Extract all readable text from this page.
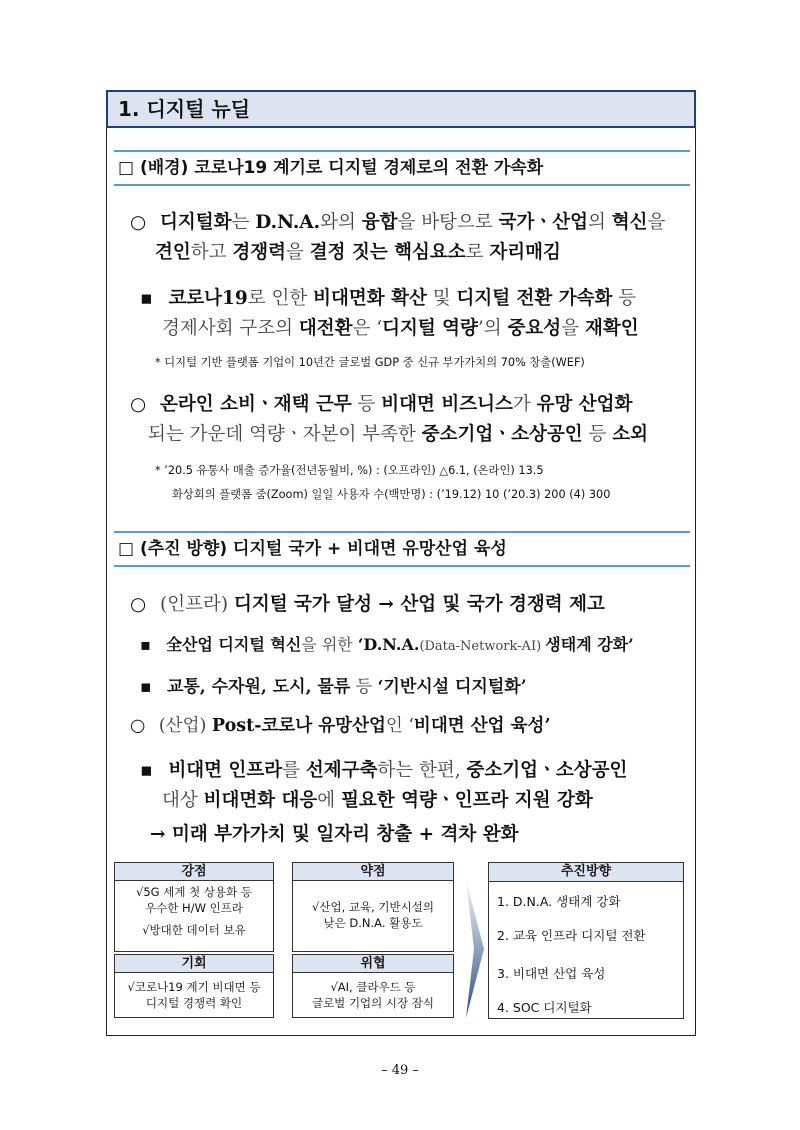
1. 디지털 뉴딜
□ (배경) 코로나19 계기로 디지털 경제로의 전환 가속화
○ 디지털화는 D.N.A.와의 융합을 바탕으로 국가ㆍ산업의 혁신을
견인하고 경쟁력을 결정 짓는 핵심요소로 자리매김
▪ 코로나19로 인한 비대면화 확산 및 디지털 전환 가속화 등
경제사회 구조의 대전환은 ‘디지털 역량’의 중요성을 재확인
* 디지털 기반 플랫폼 기업이 10년간 글로벌 GDP 중 신규 부가가치의 70% 창출(WEF)
○ 온라인 소비ㆍ재택 근무 등 비대면 비즈니스가 유망 산업화
되는 가운데 역량ㆍ자본이 부족한 중소기업ㆍ소상공인 등 소외
* ’20.5 유통사 매출 증가율(전년동월비, %) : (오프라인) △6.1, (온라인) 13.5
화상회의 플랫폼 줌(Zoom) 일일 사용자 수(백만명) : (’19.12) 10 (’20.3) 200 (4) 300
□ (추진 방향) 디지털 국가 + 비대면 유망산업 육성
○ (인프라) 디지털 국가 달성 → 산업 및 국가 경쟁력 제고
▪ 全산업 디지털 혁신을 위한 ‘D.N.A.(Data-Network-AI) 생태계 강화’
▪ 교통, 수자원, 도시, 물류 등 ‘기반시설 디지털화’
○ (산업) Post-코로나 유망산업인 ‘비대면 산업 육성’
▪ 비대면 인프라를 선제구축하는 한편, 중소기업ㆍ소상공인
대상 비대면화 대응에 필요한 역량ㆍ인프라 지원 강화
→ 미래 부가가치 및 일자리 창출 + 격차 완화
강점
√5G 세계 첫 상용화 등
우수한 H/W 인프라
√방대한 데이터 보유
기회
√코로나19 계기 비대면 등
디지털 경쟁력 확인
약점
√산업, 교육, 기반시설의
낮은 D.N.A. 활용도
위협
√AI, 클라우드 등
글로벌 기업의 시장 잠식
추진방향
1. D.N.A. 생태계 강화
2. 교육 인프라 디지털 전환
3. 비대면 산업 육성
4. SOC 디지털화
– 49 –
